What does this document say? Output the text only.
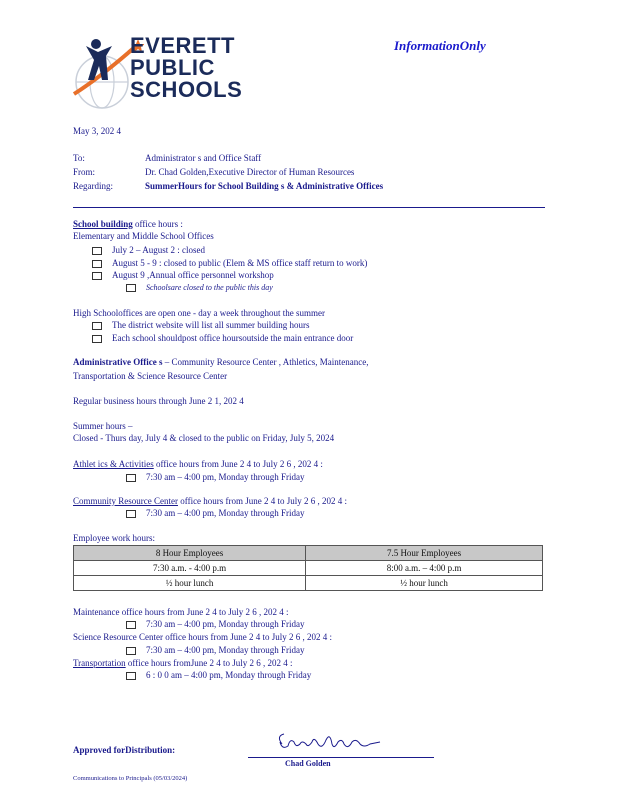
EVERETT
PUBLIC
SCHOOLS
InformationOnly
May 3, 202 4
To:	Administrator s and Office Staff
From:	Dr. Chad Golden,Executive Director of Human Resources
Regarding:	SummerHours for School Building s & Administrative Offices
School building office hours :
Elementary and Middle School Offices
July 2 – August 2 : closed
August 5 - 9 : closed to public (Elem & MS office staff return to work)
August 9 ,Annual office personnel workshop
Schoolsare closed to the public this day
High Schooloffices are open one - day a week throughout the summer
The district website will list all summer building hours
Each school shouldpost office hoursoutside the main entrance door
Administrative Office s – Community Resource Center , Athletics, Maintenance,
Transportation & Science Resource Center
Regular business hours through June 2 1, 202 4
Summer hours –
Closed - Thurs day, July 4 & closed to the public on Friday, July 5, 2024
Athlet ics & Activities office hours from June 2 4 to July 2 6 , 202 4 :
7:30 am – 4:00 pm, Monday through Friday
Community Resource Center office hours from June 2 4 to July 2 6 , 202 4 :
7:30 am – 4:00 pm, Monday through Friday
Employee work hours:
8 Hour Employees	7.5 Hour Employees
7:30 a.m. - 4:00 p.m	8:00 a.m. – 4:00 p.m
½ hour lunch	½ hour lunch
Maintenance office hours from June 2 4 to July 2 6 , 202 4 :
7:30 am – 4:00 pm, Monday through Friday
Science Resource Center office hours from June 2 4 to July 2 6 , 202 4 :
7:30 am – 4:00 pm, Monday through Friday
Transportation office hours fromJune 2 4 to July 2 6 , 202 4 :
6 : 0 0 am – 4:00 pm, Monday through Friday
Approved forDistribution:
Chad Golden
Communications to Principals (05/03/2024)
